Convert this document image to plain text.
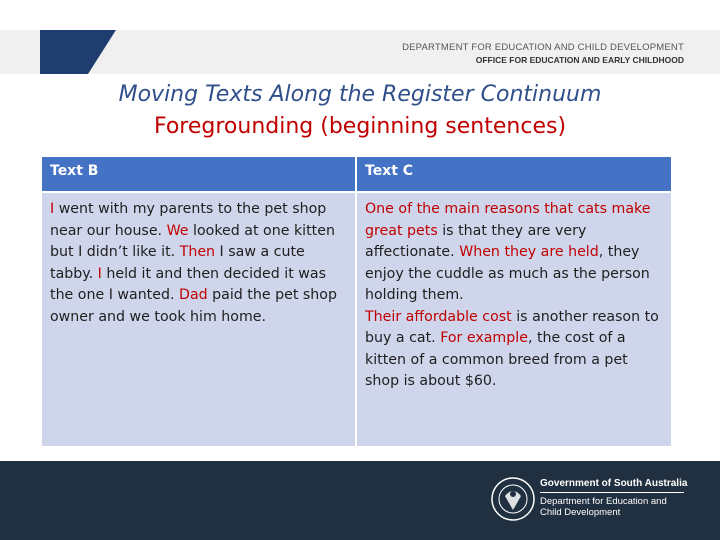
DEPARTMENT FOR EDUCATION AND CHILD DEVELOPMENT
OFFICE FOR EDUCATION AND EARLY CHILDHOOD
Moving Texts Along the Register Continuum
Foregrounding (beginning sentences)
Text B	Text C
I went with my parents to the pet shop near our house. We looked at one kitten but I didn’t like it. Then I saw a cute tabby. I held it and then decided it was the one I wanted. Dad paid the pet shop owner and we took him home.
One of the main reasons that cats make great pets is that they are very affectionate. When they are held, they enjoy the cuddle as much as the person holding them.
Their affordable cost is another reason to buy a cat. For example, the cost of a kitten of a common breed from a pet shop is about $60.
Government of South Australia
Department for Education and
Child Development
